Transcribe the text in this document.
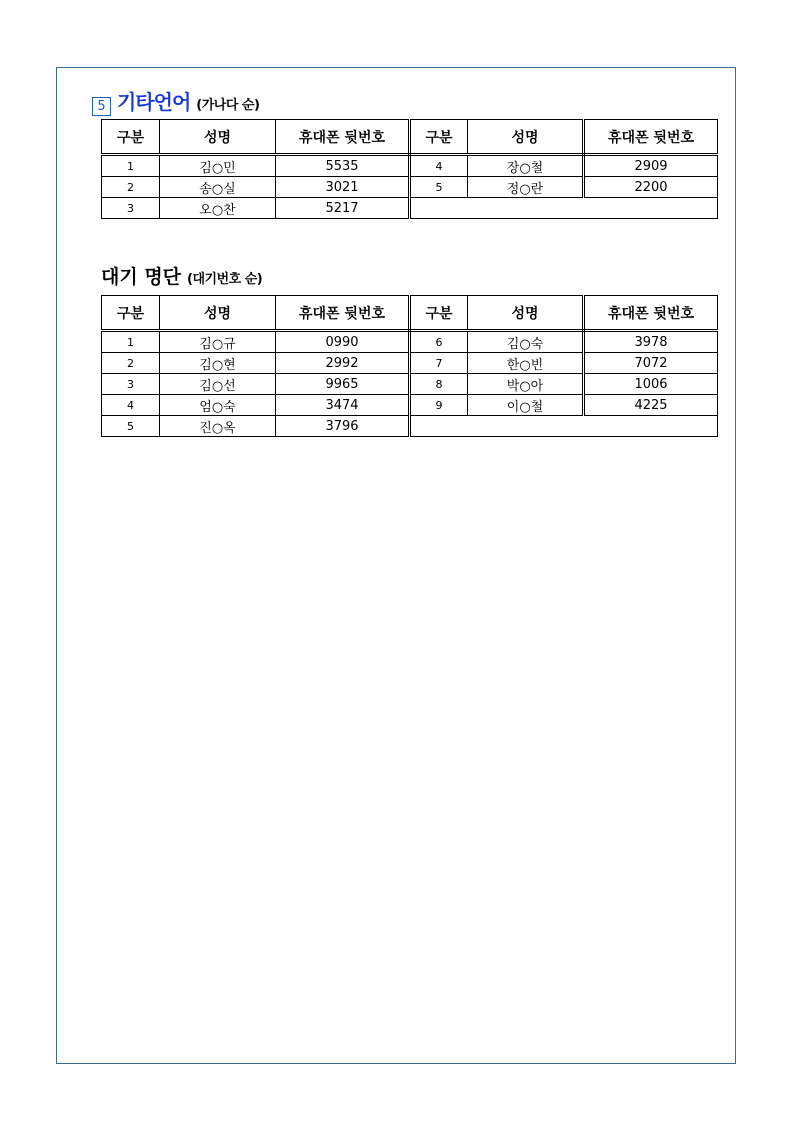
5 기타언어 (가나다 순)
구분	성명	휴대폰 뒷번호	구분	성명	휴대폰 뒷번호
1	김○민	5535	4	장○철	2909
2	송○실	3021	5	정○란	2200
3	오○찬	5217			
대기 명단 (대기번호 순)
구분	성명	휴대폰 뒷번호	구분	성명	휴대폰 뒷번호
1	김○규	0990	6	김○숙	3978
2	김○현	2992	7	한○빈	7072
3	김○선	9965	8	박○아	1006
4	엄○숙	3474	9	이○철	4225
5	진○옥	3796			
